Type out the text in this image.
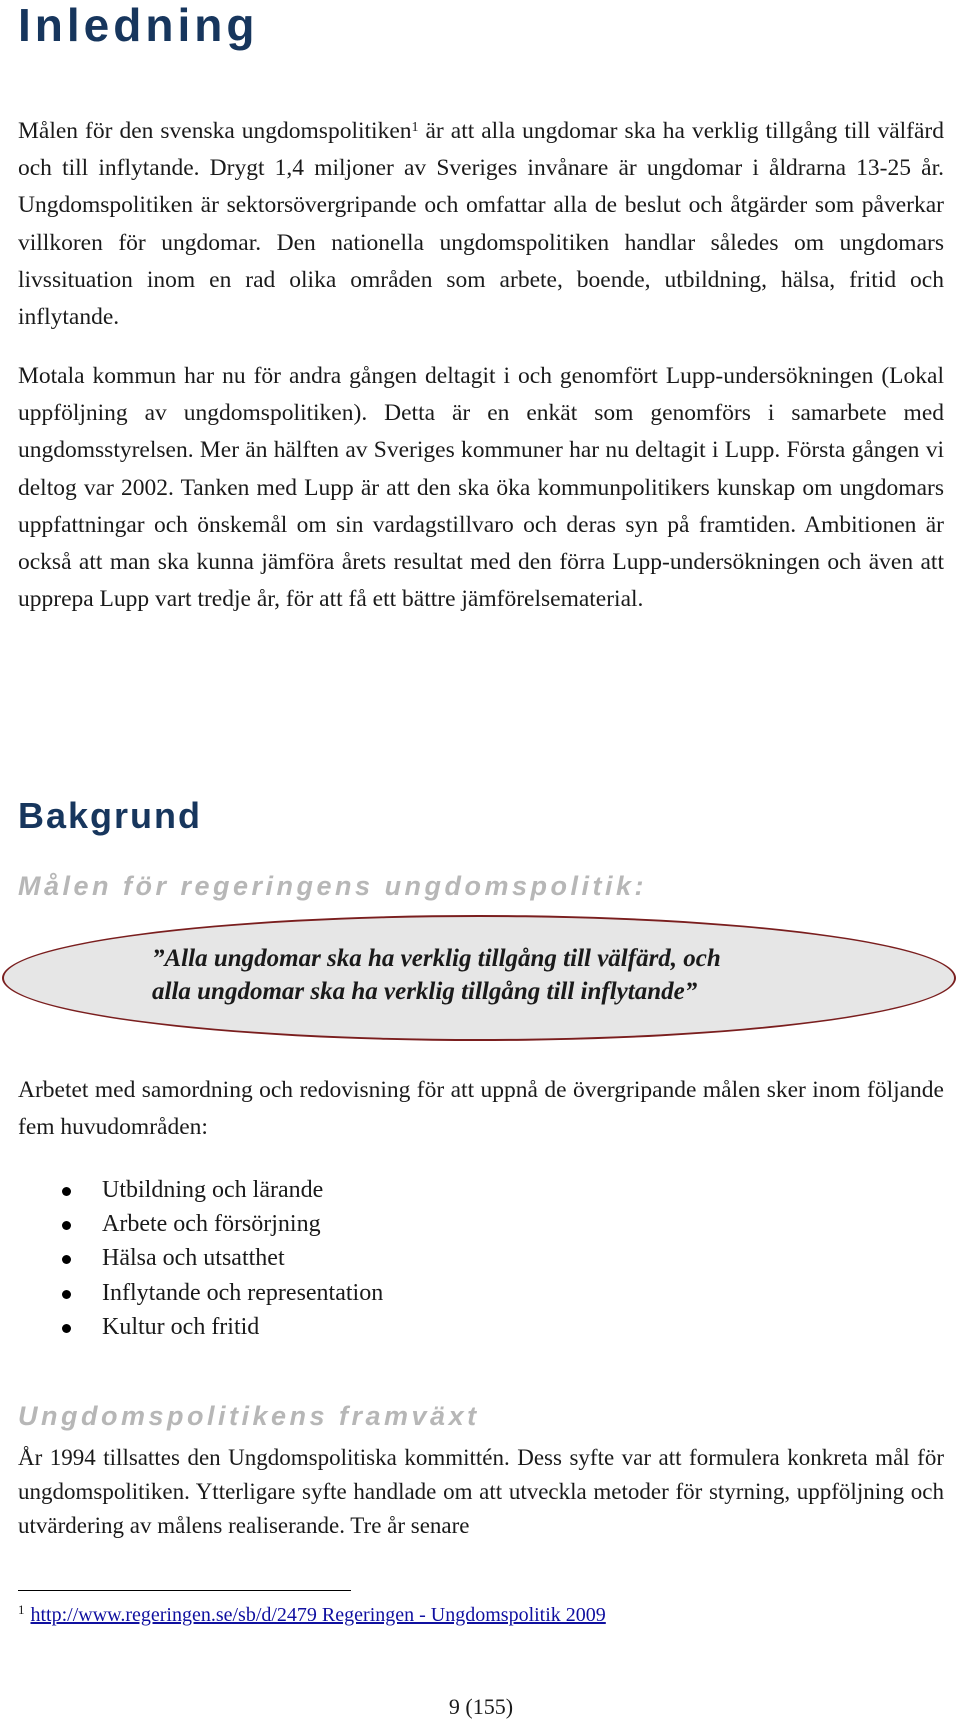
Inledning

Målen för den svenska ungdomspolitiken$^1$ är att alla ungdomar ska ha verklig tillgång till välfärd och till inflytande. Drygt 1,4 miljoner av Sveriges invånare är ungdomar i åldrarna 13-25 år. Ungdomspolitiken är sektorsövergripande och omfattar alla de beslut och åtgärder som påverkar villkoren för ungdomar. Den nationella ungdomspolitiken handlar således om ungdomars livssituation inom en rad olika områden som arbete, boende, utbildning, hälsa, fritid och inflytande.

Motala kommun har nu för andra gången deltagit i och genomfört Lupp-undersökningen (Lokal uppföljning av ungdomspolitiken). Detta är en enkät som genomförs i samarbete med ungdomsstyrelsen. Mer än hälften av Sveriges kommuner har nu deltagit i Lupp. Första gången vi deltog var 2002. Tanken med Lupp är att den ska öka kommunpolitikers kunskap om ungdomars uppfattningar och önskemål om sin vardagstillvaro och deras syn på framtiden. Ambitionen är också att man ska kunna jämföra årets resultat med den förra Lupp-undersökningen och även att upprepa Lupp vart tredje år, för att få ett bättre jämförelsematerial.

Bakgrund
Målen för regeringens ungdomspolitik:
”Alla ungdomar ska ha verklig tillgång till välfärd, och
alla ungdomar ska ha verklig tillgång till inflytande”

Arbetet med samordning och redovisning för att uppnå de övergripande målen sker inom följande fem huvudområden:

Utbildning och lärande
Arbete och försörjning
Hälsa och utsatthet
Inflytande och representation
Kultur och fritid
Ungdomspolitikens framväxt

År 1994 tillsattes den Ungdomspolitiska kommittén. Dess syfte var att formulera konkreta mål för ungdomspolitiken. Ytterligare syfte handlade om att utveckla metoder för styrning, uppföljning och utvärdering av målens realiserande. Tre år senare

$^1$ http://www.regeringen.se/sb/d/2479 Regeringen - Ungdomspolitik 2009

9 (155)
